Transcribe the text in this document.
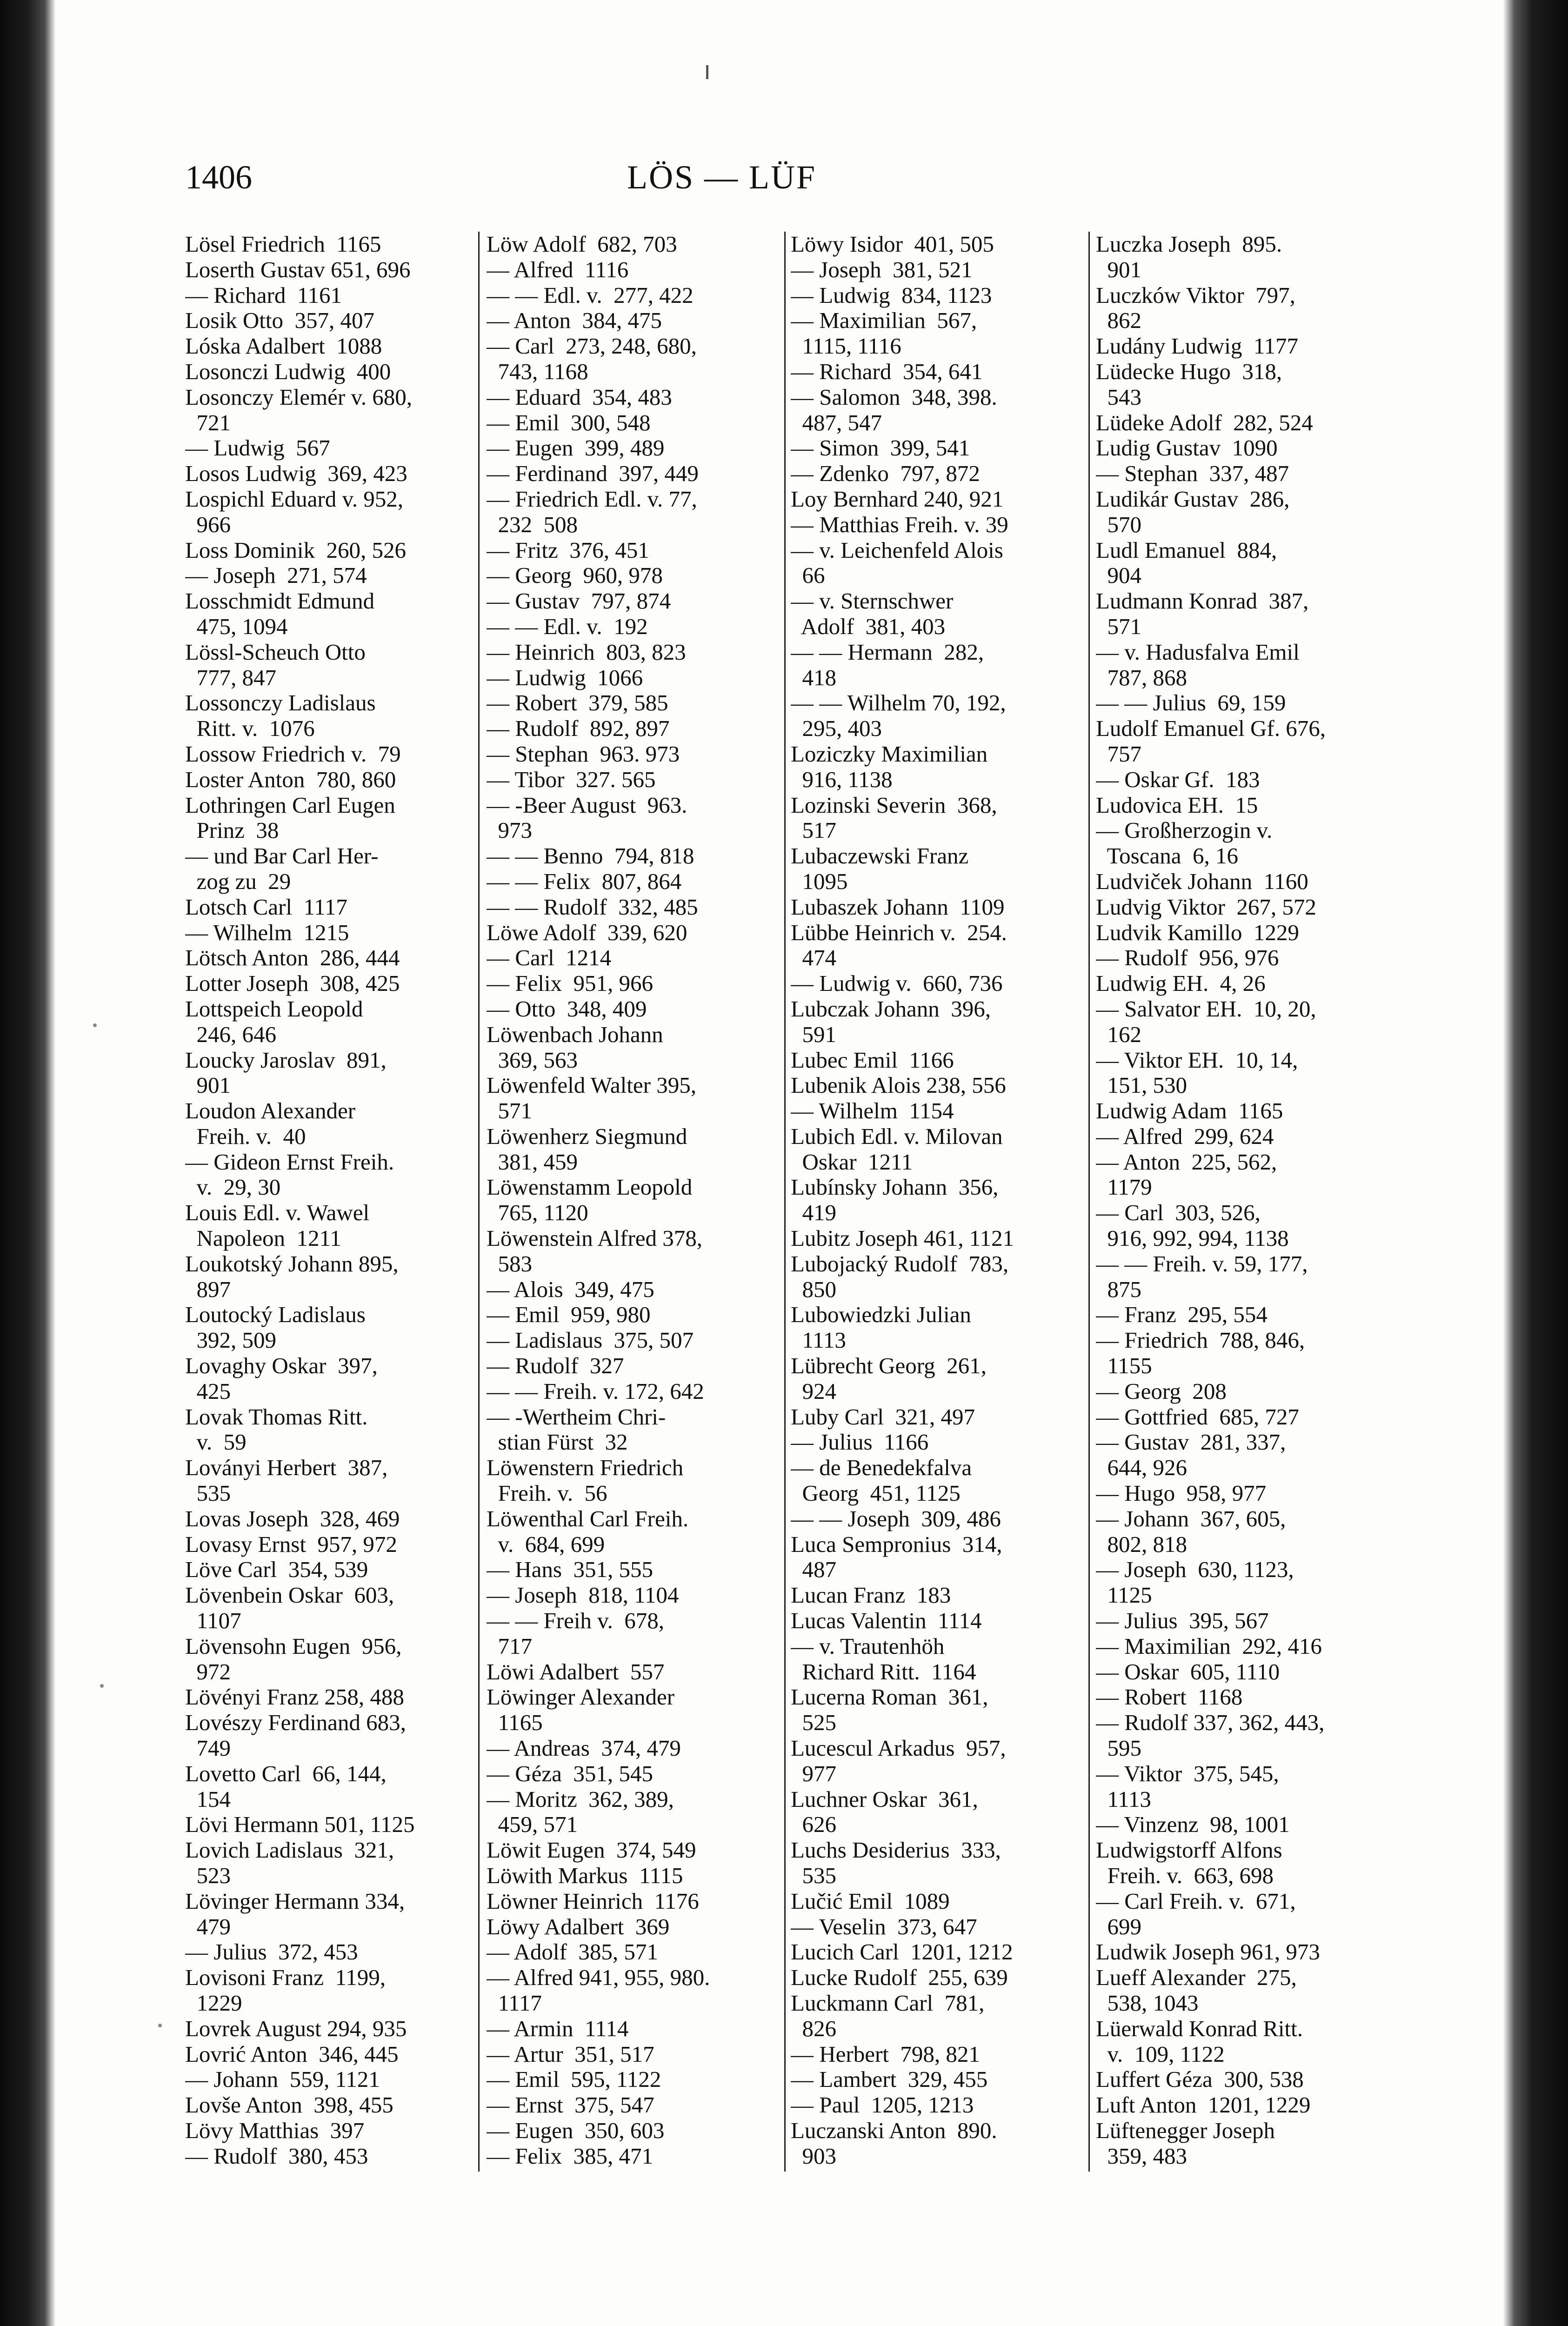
1406	LÖS — LÜF
Lösel Friedrich  1165
Loserth Gustav 651, 696
— Richard  1161
Losik Otto  357, 407
Lóska Adalbert  1088
Losonczi Ludwig  400
Losonczy Elemér v. 680,
721
— Ludwig  567
Losos Ludwig  369, 423
Lospichl Eduard v. 952,
966
Loss Dominik  260, 526
— Joseph  271, 574
Losschmidt Edmund
475, 1094
Lössl-Scheuch Otto
777, 847
Lossonczy Ladislaus
Ritt. v.  1076
Lossow Friedrich v.  79
Loster Anton  780, 860
Lothringen Carl Eugen
Prinz  38
— und Bar Carl Her-
zog zu  29
Lotsch Carl  1117
— Wilhelm  1215
Lötsch Anton  286, 444
Lotter Joseph  308, 425
Lottspeich Leopold
246, 646
Loucky Jaroslav  891,
901
Loudon Alexander
Freih. v.  40
— Gideon Ernst Freih.
v.  29, 30
Louis Edl. v. Wawel
Napoleon  1211
Loukotský Johann 895,
897
Loutocký Ladislaus
392, 509
Lovaghy Oskar  397,
425
Lovak Thomas Ritt.
v.  59
Loványi Herbert  387,
535
Lovas Joseph  328, 469
Lovasy Ernst  957, 972
Löve Carl  354, 539
Lövenbein Oskar  603,
1107
Lövensohn Eugen  956,
972
Lövényi Franz 258, 488
Lovészy Ferdinand 683,
749
Lovetto Carl  66, 144,
154
Lövi Hermann 501, 1125
Lovich Ladislaus  321,
523
Lövinger Hermann 334,
479
— Julius  372, 453
Lovisoni Franz  1199,
1229
Lovrek August 294, 935
Lovrić Anton  346, 445
— Johann  559, 1121
Lovše Anton  398, 455
Lövy Matthias  397
— Rudolf  380, 453
Löw Adolf  682, 703
— Alfred  1116
— — Edl. v.  277, 422
— Anton  384, 475
— Carl  273, 248, 680,
743, 1168
— Eduard  354, 483
— Emil  300, 548
— Eugen  399, 489
— Ferdinand  397, 449
— Friedrich Edl. v. 77,
232  508
— Fritz  376, 451
— Georg  960, 978
— Gustav  797, 874
— — Edl. v.  192
— Heinrich  803, 823
— Ludwig  1066
— Robert  379, 585
— Rudolf  892, 897
— Stephan  963. 973
— Tibor  327. 565
— -Beer August  963.
973
— — Benno  794, 818
— — Felix  807, 864
— — Rudolf  332, 485
Löwe Adolf  339, 620
— Carl  1214
— Felix  951, 966
— Otto  348, 409
Löwenbach Johann
369, 563
Löwenfeld Walter 395,
571
Löwenherz Siegmund
381, 459
Löwenstamm Leopold
765, 1120
Löwenstein Alfred 378,
583
— Alois  349, 475
— Emil  959, 980
— Ladislaus  375, 507
— Rudolf  327
— — Freih. v. 172, 642
— -Wertheim Chri-
stian Fürst  32
Löwenstern Friedrich
Freih. v.  56
Löwenthal Carl Freih.
v.  684, 699
— Hans  351, 555
— Joseph  818, 1104
— — Freih v.  678,
717
Löwi Adalbert  557
Löwinger Alexander
1165
— Andreas  374, 479
— Géza  351, 545
— Moritz  362, 389,
459, 571
Löwit Eugen  374, 549
Löwith Markus  1115
Löwner Heinrich  1176
Löwy Adalbert  369
— Adolf  385, 571
— Alfred 941, 955, 980.
1117
— Armin  1114
— Artur  351, 517
— Emil  595, 1122
— Ernst  375, 547
— Eugen  350, 603
— Felix  385, 471
Löwy Isidor  401, 505
— Joseph  381, 521
— Ludwig  834, 1123
— Maximilian  567,
1115, 1116
— Richard  354, 641
— Salomon  348, 398.
487, 547
— Simon  399, 541
— Zdenko  797, 872
Loy Bernhard 240, 921
— Matthias Freih. v. 39
— v. Leichenfeld Alois
66
— v. Sternschwer
Adolf  381, 403
— — Hermann  282,
418
— — Wilhelm 70, 192,
295, 403
Loziczky Maximilian
916, 1138
Lozinski Severin  368,
517
Lubaczewski Franz
1095
Lubaszek Johann  1109
Lübbe Heinrich v.  254.
474
— Ludwig v.  660, 736
Lubczak Johann  396,
591
Lubec Emil  1166
Lubenik Alois 238, 556
— Wilhelm  1154
Lubich Edl. v. Milovan
Oskar  1211
Lubínsky Johann  356,
419
Lubitz Joseph 461, 1121
Lubojacký Rudolf  783,
850
Lubowiedzki Julian
1113
Lübrecht Georg  261,
924
Luby Carl  321, 497
— Julius  1166
— de Benedekfalva
Georg  451, 1125
— — Joseph  309, 486
Luca Sempronius  314,
487
Lucan Franz  183
Lucas Valentin  1114
— v. Trautenhöh
Richard Ritt.  1164
Lucerna Roman  361,
525
Lucescul Arkadus  957,
977
Luchner Oskar  361,
626
Luchs Desiderius  333,
535
Lučić Emil  1089
— Veselin  373, 647
Lucich Carl  1201, 1212
Lucke Rudolf  255, 639
Luckmann Carl  781,
826
— Herbert  798, 821
— Lambert  329, 455
— Paul  1205, 1213
Luczanski Anton  890.
903
Luczka Joseph  895.
901
Luczków Viktor  797,
862
Ludány Ludwig  1177
Lüdecke Hugo  318,
543
Lüdeke Adolf  282, 524
Ludig Gustav  1090
— Stephan  337, 487
Ludikár Gustav  286,
570
Ludl Emanuel  884,
904
Ludmann Konrad  387,
571
— v. Hadusfalva Emil
787, 868
— — Julius  69, 159
Ludolf Emanuel Gf. 676,
757
— Oskar Gf.  183
Ludovica EH.  15
— Großherzogin v.
Toscana  6, 16
Ludviček Johann  1160
Ludvig Viktor  267, 572
Ludvik Kamillo  1229
— Rudolf  956, 976
Ludwig EH.  4, 26
— Salvator EH.  10, 20,
162
— Viktor EH.  10, 14,
151, 530
Ludwig Adam  1165
— Alfred  299, 624
— Anton  225, 562,
1179
— Carl  303, 526,
916, 992, 994, 1138
— — Freih. v. 59, 177,
875
— Franz  295, 554
— Friedrich  788, 846,
1155
— Georg  208
— Gottfried  685, 727
— Gustav  281, 337,
644, 926
— Hugo  958, 977
— Johann  367, 605,
802, 818
— Joseph  630, 1123,
1125
— Julius  395, 567
— Maximilian  292, 416
— Oskar  605, 1110
— Robert  1168
— Rudolf 337, 362, 443,
595
— Viktor  375, 545,
1113
— Vinzenz  98, 1001
Ludwigstorff Alfons
Freih. v.  663, 698
— Carl Freih. v.  671,
699
Ludwik Joseph 961, 973
Lueff Alexander  275,
538, 1043
Lüerwald Konrad Ritt.
v.  109, 1122
Luffert Géza  300, 538
Luft Anton  1201, 1229
Lüftenegger Joseph
359, 483
